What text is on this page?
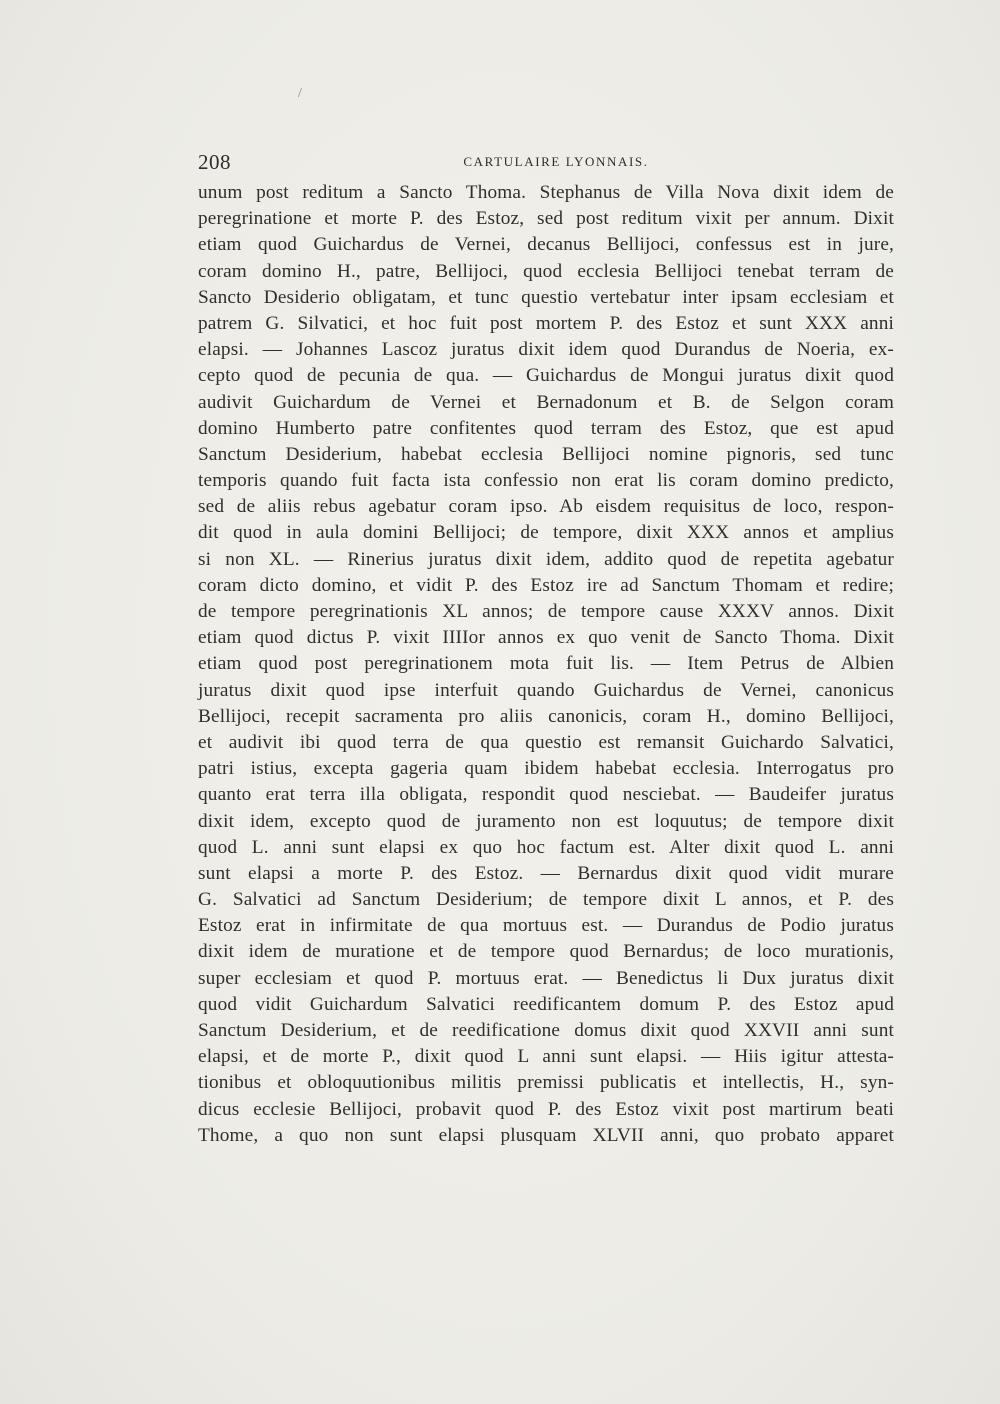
/
208	CARTULAIRE LYONNAIS.
unum post reditum a Sancto Thoma. Stephanus de Villa Nova dixit idem de
peregrinatione et morte P. des Estoz, sed post reditum vixit per annum. Dixit
etiam quod Guichardus de Vernei, decanus Bellijoci, confessus est in jure,
coram domino H., patre, Bellijoci, quod ecclesia Bellijoci tenebat terram de
Sancto Desiderio obligatam, et tunc questio vertebatur inter ipsam ecclesiam et
patrem G. Silvatici, et hoc fuit post mortem P. des Estoz et sunt XXX anni
elapsi. — Johannes Lascoz juratus dixit idem quod Durandus de Noeria, ex-
cepto quod de pecunia de qua. — Guichardus de Mongui juratus dixit quod
audivit Guichardum de Vernei et Bernadonum et B. de Selgon coram
domino Humberto patre confitentes quod terram des Estoz, que est apud
Sanctum Desiderium, habebat ecclesia Bellijoci nomine pignoris, sed tunc
temporis quando fuit facta ista confessio non erat lis coram domino predicto,
sed de aliis rebus agebatur coram ipso. Ab eisdem requisitus de loco, respon-
dit quod in aula domini Bellijoci; de tempore, dixit XXX annos et amplius
si non XL. — Rinerius juratus dixit idem, addito quod de repetita agebatur
coram dicto domino, et vidit P. des Estoz ire ad Sanctum Thomam et redire;
de tempore peregrinationis XL annos; de tempore cause XXXV annos. Dixit
etiam quod dictus P. vixit IIIIor annos ex quo venit de Sancto Thoma. Dixit
etiam quod post peregrinationem mota fuit lis. — Item Petrus de Albien
juratus dixit quod ipse interfuit quando Guichardus de Vernei, canonicus
Bellijoci, recepit sacramenta pro aliis canonicis, coram H., domino Bellijoci,
et audivit ibi quod terra de qua questio est remansit Guichardo Salvatici,
patri istius, excepta gageria quam ibidem habebat ecclesia. Interrogatus pro
quanto erat terra illa obligata, respondit quod nesciebat. — Baudeifer juratus
dixit idem, excepto quod de juramento non est loquutus; de tempore dixit
quod L. anni sunt elapsi ex quo hoc factum est. Alter dixit quod L. anni
sunt elapsi a morte P. des Estoz. — Bernardus dixit quod vidit murare
G. Salvatici ad Sanctum Desiderium; de tempore dixit L annos, et P. des
Estoz erat in infirmitate de qua mortuus est. — Durandus de Podio juratus
dixit idem de muratione et de tempore quod Bernardus; de loco murationis,
super ecclesiam et quod P. mortuus erat. — Benedictus li Dux juratus dixit
quod vidit Guichardum Salvatici reedificantem domum P. des Estoz apud
Sanctum Desiderium, et de reedificatione domus dixit quod XXVII anni sunt
elapsi, et de morte P., dixit quod L anni sunt elapsi. — Hiis igitur attesta-
tionibus et obloquutionibus militis premissi publicatis et intellectis, H., syn-
dicus ecclesie Bellijoci, probavit quod P. des Estoz vixit post martirum beati
Thome, a quo non sunt elapsi plusquam XLVII anni, quo probato apparet
